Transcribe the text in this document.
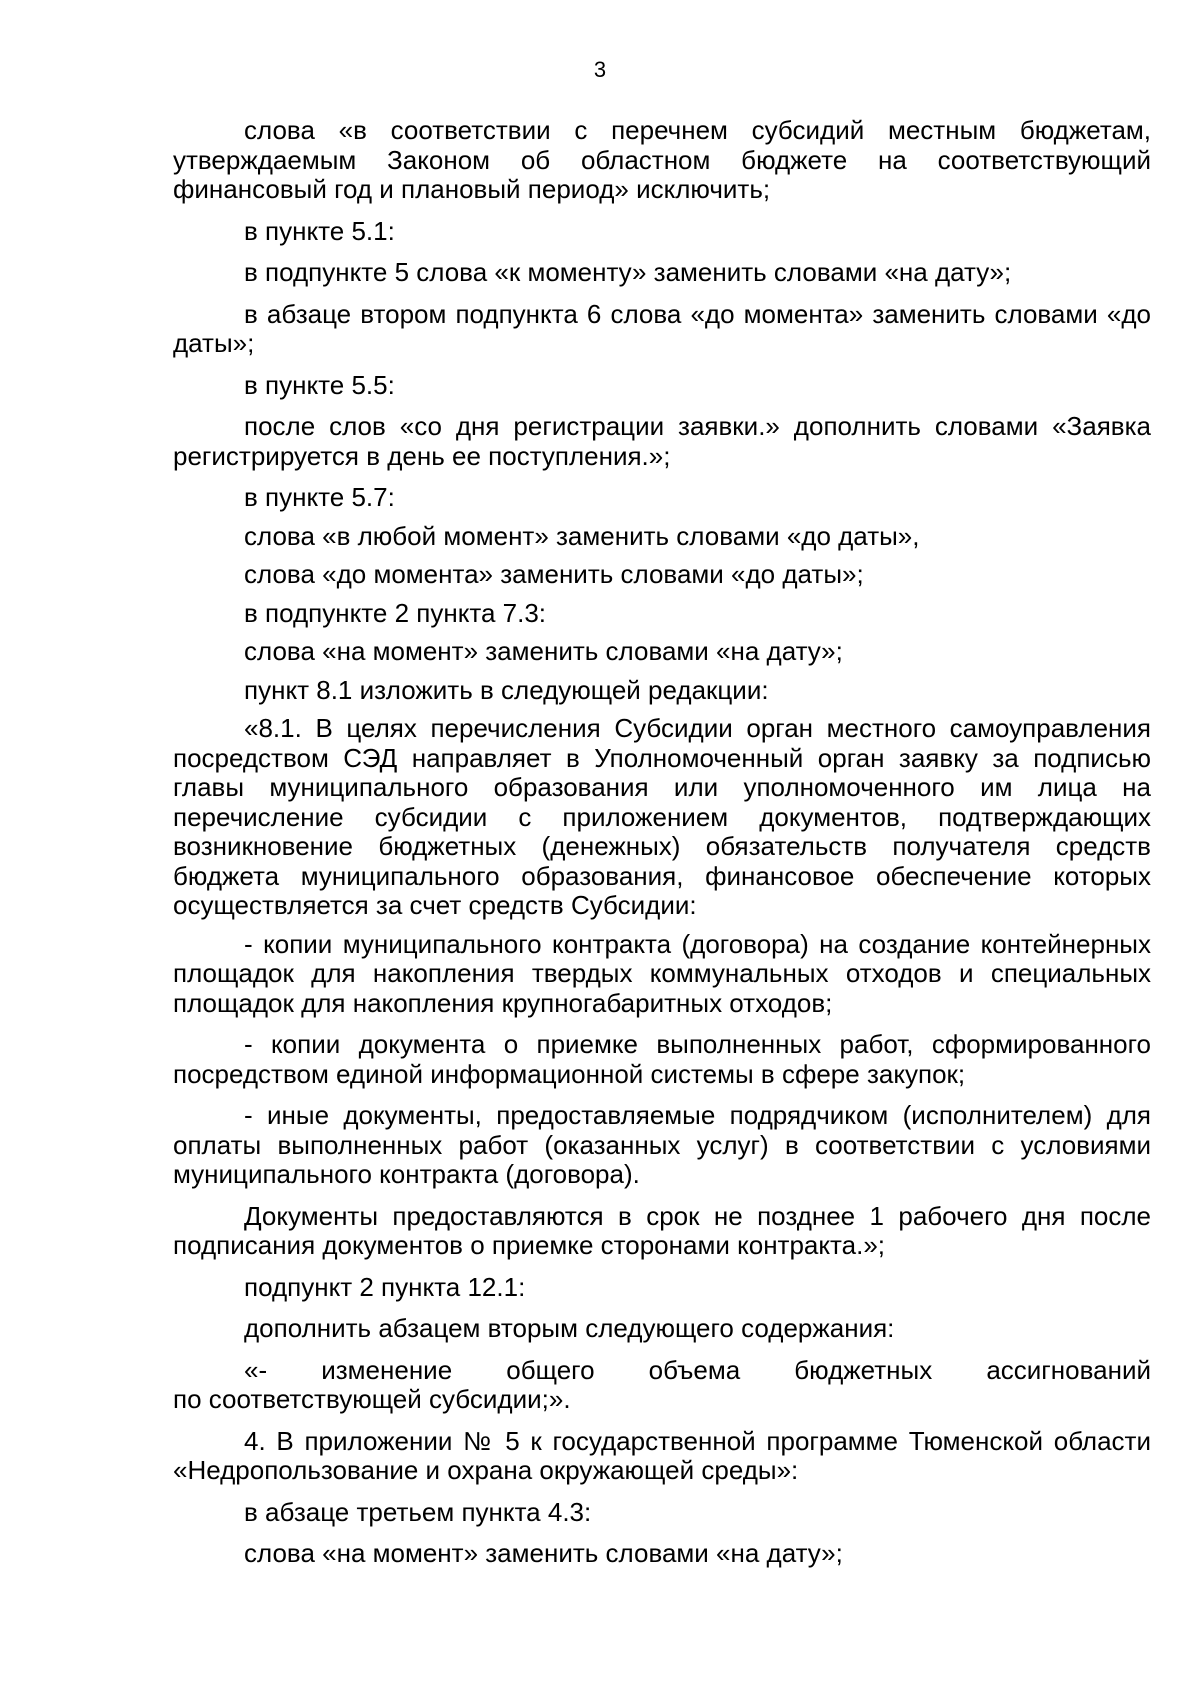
3

слова «в соответствии с перечнем субсидий местным бюджетам, утверждаемым Законом об областном бюджете на соответствующий финансовый год и плановый период» исключить;

в пункте 5.1:

в подпункте 5 слова «к моменту» заменить словами «на дату»;

в абзаце втором подпункта 6 слова «до момента» заменить словами «до даты»;

в пункте 5.5:

после слов «со дня регистрации заявки.» дополнить словами «Заявка регистрируется в день ее поступления.»;

в пункте 5.7:

слова «в любой момент» заменить словами «до даты»,

слова «до момента» заменить словами «до даты»;

в подпункте 2 пункта 7.3:

слова «на момент» заменить словами «на дату»;

пункт 8.1 изложить в следующей редакции:

«8.1. В целях перечисления Субсидии орган местного самоуправления посредством СЭД направляет в Уполномоченный орган заявку за подписью главы муниципального образования или уполномоченного им лица на перечисление субсидии с приложением документов, подтверждающих возникновение бюджетных (денежных) обязательств получателя средств бюджета муниципального образования, финансовое обеспечение которых осуществляется за счет средств Субсидии:

- копии муниципального контракта (договора) на создание контейнерных площадок для накопления твердых коммунальных отходов и специальных площадок для накопления крупногабаритных отходов;

- копии документа о приемке выполненных работ, сформированного посредством единой информационной системы в сфере закупок;

- иные документы, предоставляемые подрядчиком (исполнителем) для оплаты выполненных работ (оказанных услуг) в соответствии с условиями муниципального контракта (договора).

Документы предоставляются в срок не позднее 1 рабочего дня после подписания документов о приемке сторонами контракта.»;

подпункт 2 пункта 12.1:

дополнить абзацем вторым следующего содержания:

«- изменение общего объема бюджетных ассигнований

по соответствующей субсидии;».

4. В приложении № 5 к государственной программе Тюменской области «Недропользование и охрана окружающей среды»:

в абзаце третьем пункта 4.3:

слова «на момент» заменить словами «на дату»;
